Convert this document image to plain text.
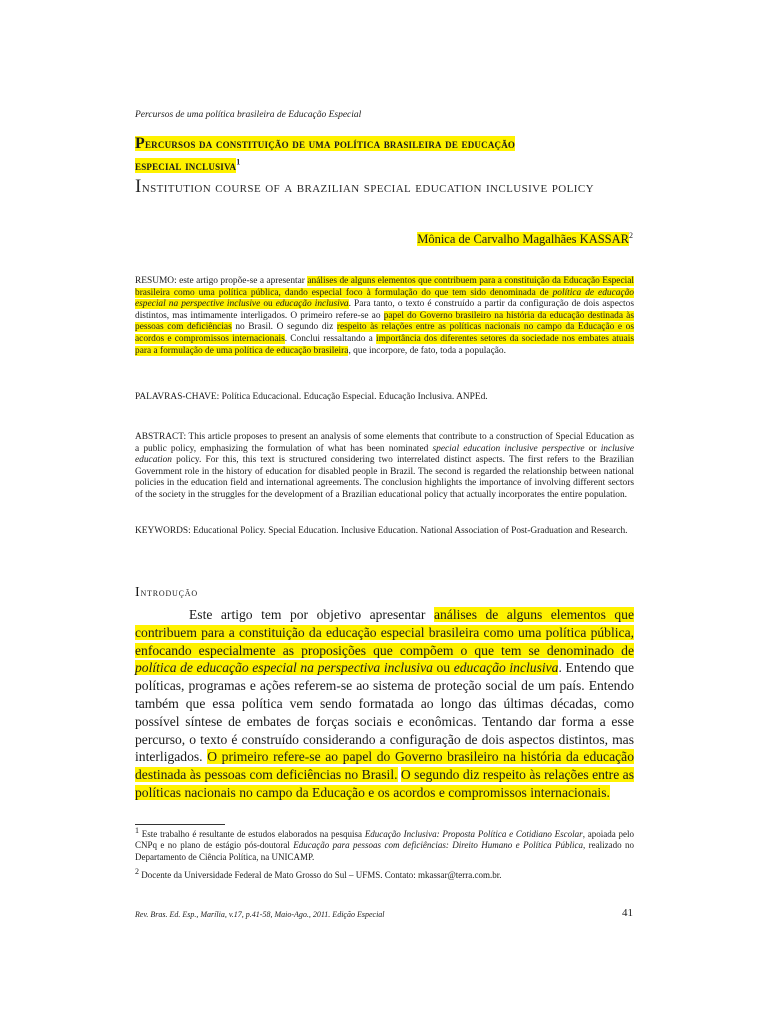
Percursos de uma política brasileira de Educação Especial
Percursos da constituição de uma política brasileira de educação
especial inclusiva$^1$
Institution course of a brazilian special education inclusive policy
Mônica de Carvalho Magalhães KASSAR$^2$

RESUMO: este artigo propõe-se a apresentar análises de alguns elementos que contribuem para a constituição da Educação Especial brasileira como uma política pública, dando especial foco à formulação do que tem sido denominada de política de educação especial na perspective inclusive ou educação inclusiva. Para tanto, o texto é construído a partir da configuração de dois aspectos distintos, mas intimamente interligados. O primeiro refere-se ao papel do Governo brasileiro na história da educação destinada às pessoas com deficiências no Brasil. O segundo diz respeito às relações entre as políticas nacionais no campo da Educação e os acordos e compromissos internacionais. Conclui ressaltando a importância dos diferentes setores da sociedade nos embates atuais para a formulação de uma política de educação brasileira, que incorpore, de fato, toda a população.

PALAVRAS-CHAVE: Política Educacional. Educação Especial. Educação Inclusiva. ANPEd.

ABSTRACT: This article proposes to present an analysis of some elements that contribute to a construction of Special Education as a public policy, emphasizing the formulation of what has been nominated special education inclusive perspective or inclusive education policy. For this, this text is structured considering two interrelated distinct aspects. The first refers to the Brazilian Government role in the history of education for disabled people in Brazil. The second is regarded the relationship between national policies in the education field and international agreements. The conclusion highlights the importance of involving different sectors of the society in the struggles for the development of a Brazilian educational policy that actually incorporates the entire population.

KEYWORDS: Educational Policy. Special Education. Inclusive Education. National Association of Post-Graduation and Research.

Introdução

Este artigo tem por objetivo apresentar análises de alguns elementos que contribuem para a constituição da educação especial brasileira como uma política pública, enfocando especialmente as proposições que compõem o que tem se denominado de política de educação especial na perspectiva inclusiva ou educação inclusiva. Entendo que políticas, programas e ações referem-se ao sistema de proteção social de um país. Entendo também que essa política vem sendo formatada ao longo das últimas décadas, como possível síntese de embates de forças sociais e econômicas. Tentando dar forma a esse percurso, o texto é construído considerando a configuração de dois aspectos distintos, mas interligados. O primeiro refere-se ao papel do Governo brasileiro na história da educação destinada às pessoas com deficiências no Brasil. O segundo diz respeito às relações entre as políticas nacionais no campo da Educação e os acordos e compromissos internacionais.

$^1$ Este trabalho é resultante de estudos elaborados na pesquisa Educação Inclusiva: Proposta Política e Cotidiano Escolar, apoiada pelo CNPq e no plano de estágio pós-doutoral Educação para pessoas com deficiências: Direito Humano e Política Pública, realizado no Departamento de Ciência Política, na UNICAMP.

$^2$ Docente da Universidade Federal de Mato Grosso do Sul – UFMS. Contato: mkassar@terra.com.br.

Rev. Bras. Ed. Esp., Marília, v.17, p.41-58, Maio-Ago., 2011. Edição Especial	41
